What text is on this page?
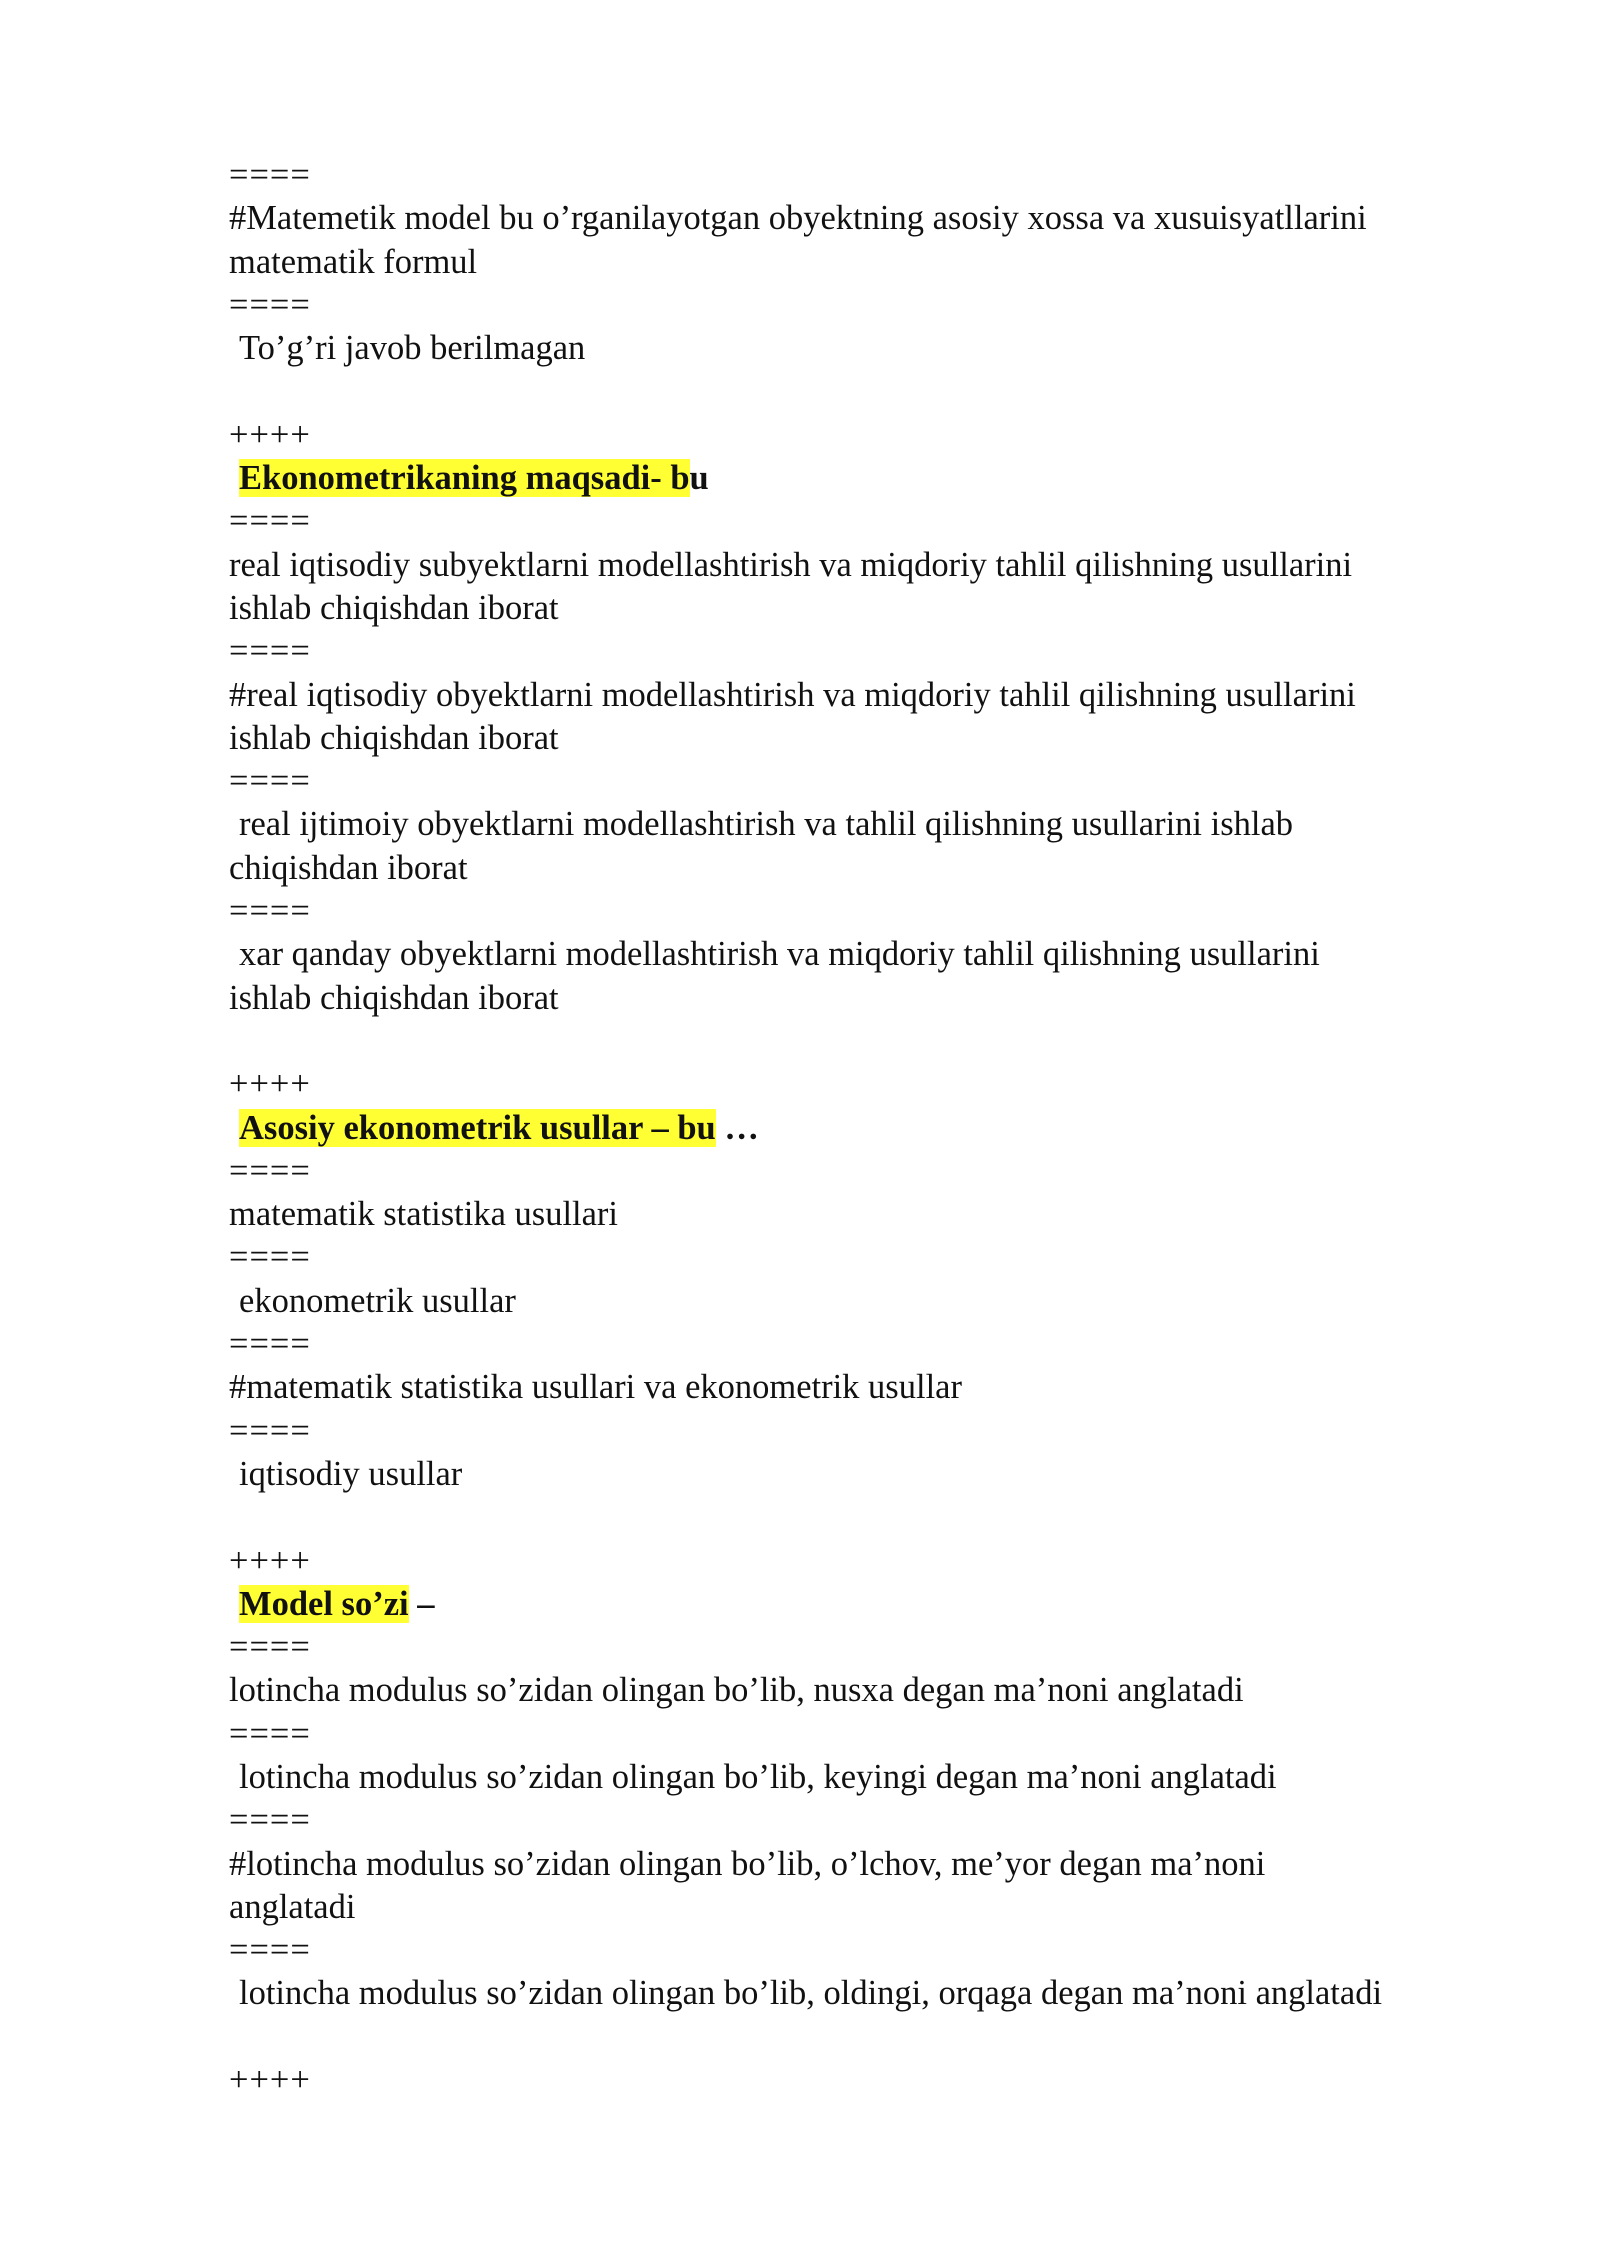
====
#Matemetik model bu o’rganilayotgan obyektning asosiy xossa va xusuisyatllarini
matematik formul
====
To’g’ri javob berilmagan
++++
Ekonometrikaning maqsadi- bu
====
real iqtisodiy subyektlarni modellashtirish va miqdoriy tahlil qilishning usullarini
ishlab chiqishdan iborat
====
#real iqtisodiy obyektlarni modellashtirish va miqdoriy tahlil qilishning usullarini
ishlab chiqishdan iborat
====
real ijtimoiy obyektlarni modellashtirish va tahlil qilishning usullarini ishlab
chiqishdan iborat
====
xar qanday obyektlarni modellashtirish va miqdoriy tahlil qilishning usullarini
ishlab chiqishdan iborat
++++
Asosiy ekonometrik usullar – bu …
====
matematik statistika usullari
====
ekonometrik usullar
====
#matematik statistika usullari va ekonometrik usullar
====
iqtisodiy usullar
++++
Model so’zi –
====
lotincha modulus so’zidan olingan bo’lib, nusxa degan ma’noni anglatadi
====
lotincha modulus so’zidan olingan bo’lib, keyingi degan ma’noni anglatadi
====
#lotincha modulus so’zidan olingan bo’lib, o’lchov, me’yor degan ma’noni
anglatadi
====
lotincha modulus so’zidan olingan bo’lib, oldingi, orqaga degan ma’noni anglatadi
++++
